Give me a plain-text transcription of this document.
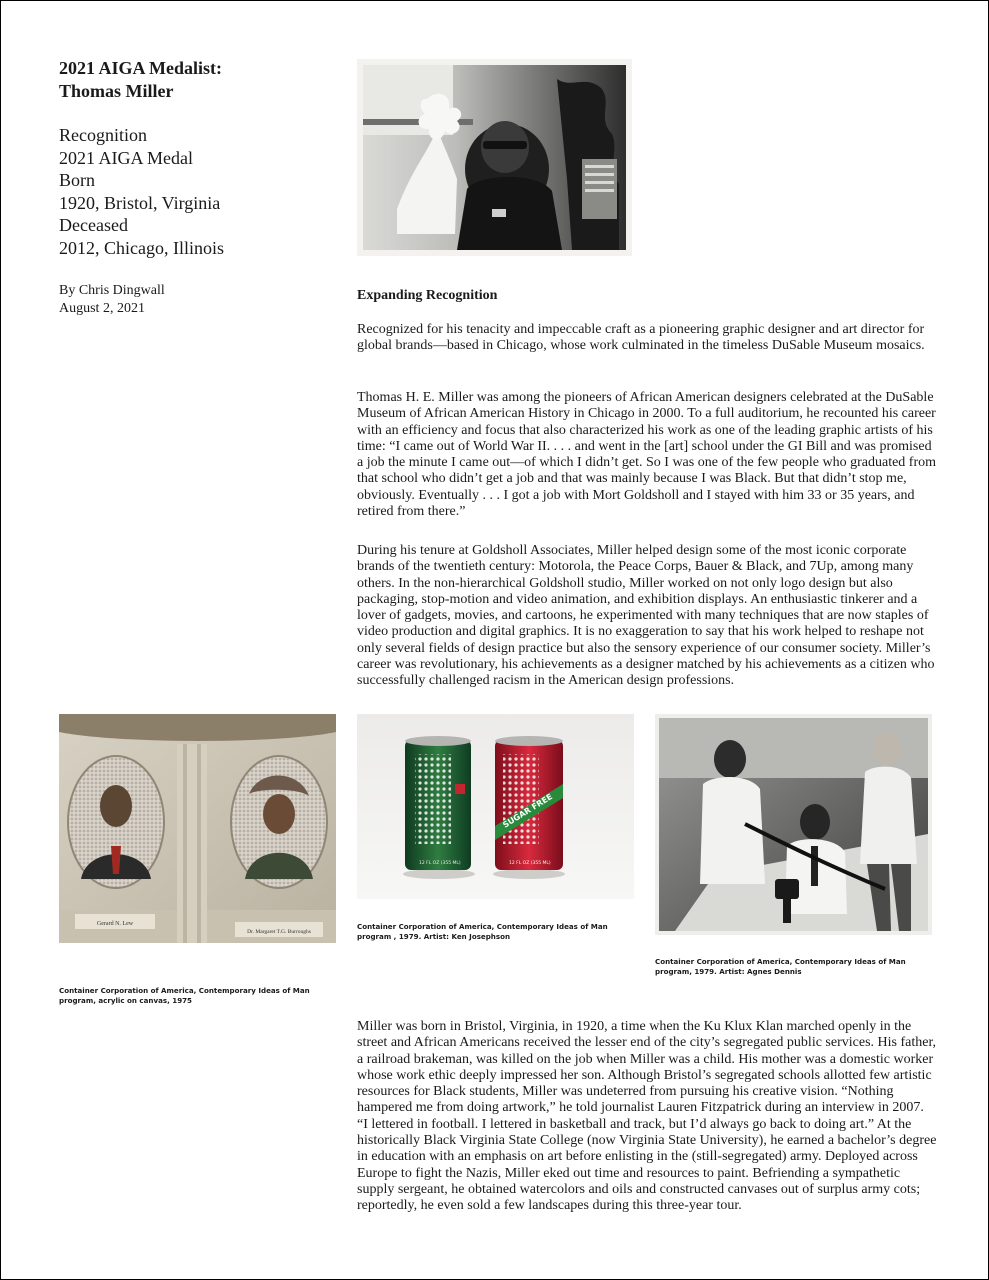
2021 AIGA Medalist:
Thomas Miller
Recognition
2021 AIGA Medal
Born
1920, Bristol, Virginia
Deceased
2012, Chicago, Illinois
By Chris Dingwall
August 2, 2021
Expanding Recognition

Recognized for his tenacity and impeccable craft as a pioneering graphic designer and art director for global brands—based in Chicago, whose work culminated in the timeless DuSable Museum mosaics.

Thomas H. E. Miller was among the pioneers of African American designers celebrated at the DuSable Museum of African American History in Chicago in 2000. To a full auditorium, he recounted his career with an efficiency and focus that also characterized his work as one of the leading graphic artists of his time: “I came out of World War II. . . . and went in the [art] school under the GI Bill and was promised a job the minute I came out—of which I didn’t get. So I was one of the few people who graduated from that school who didn’t get a job and that was mainly because I was Black. But that didn’t stop me, obviously. Eventually . . . I got a job with Mort Goldsholl and I stayed with him 33 or 35 years, and retired from there.”

During his tenure at Goldsholl Associates, Miller helped design some of the most iconic corporate brands of the twentieth century: Motorola, the Peace Corps, Bauer & Black, and 7Up, among many others. In the non-hierarchical Goldsholl studio, Miller worked on not only logo design but also packaging, stop-motion and video animation, and exhibition displays. An enthusiastic tinkerer and a lover of gadgets, movies, and cartoons, he experimented with many techniques that are now staples of video production and digital graphics. It is no exaggeration to say that his work helped to reshape not only several fields of design practice but also the sensory experience of our consumer society. Miller’s career was revolutionary, his achievements as a designer matched by his achievements as a citizen who successfully challenged racism in the American design professions.

Gerard N. Lew
Dr. Margaret T.G. Burroughs
SUGAR FREE
12 FL OZ (355 ML)	12 FL OZ (355 ML)

Container Corporation of America, Contemporary Ideas of Man program, acrylic on canvas, 1975

Container Corporation of America, Contemporary Ideas of Man program , 1979. Artist: Ken Josephson

Container Corporation of America, Contemporary Ideas of Man program, 1979. Artist: Agnes Dennis

Miller was born in Bristol, Virginia, in 1920, a time when the Ku Klux Klan marched openly in the street and African Americans received the lesser end of the city’s segregated public services. His father, a railroad brakeman, was killed on the job when Miller was a child. His mother was a domestic worker whose work ethic deeply impressed her son. Although Bristol’s segregated schools allotted few artistic resources for Black students, Miller was undeterred from pursuing his creative vision. “Nothing hampered me from doing artwork,” he told journalist Lauren Fitzpatrick during an interview in 2007. “I lettered in football. I lettered in basketball and track, but I’d always go back to doing art.” At the historically Black Virginia State College (now Virginia State University), he earned a bachelor’s degree in education with an emphasis on art before enlisting in the (still-segregated) army. Deployed across Europe to fight the Nazis, Miller eked out time and resources to paint. Befriending a sympathetic supply sergeant, he obtained watercolors and oils and constructed canvases out of surplus army cots; reportedly, he even sold a few landscapes during this three-year tour.
